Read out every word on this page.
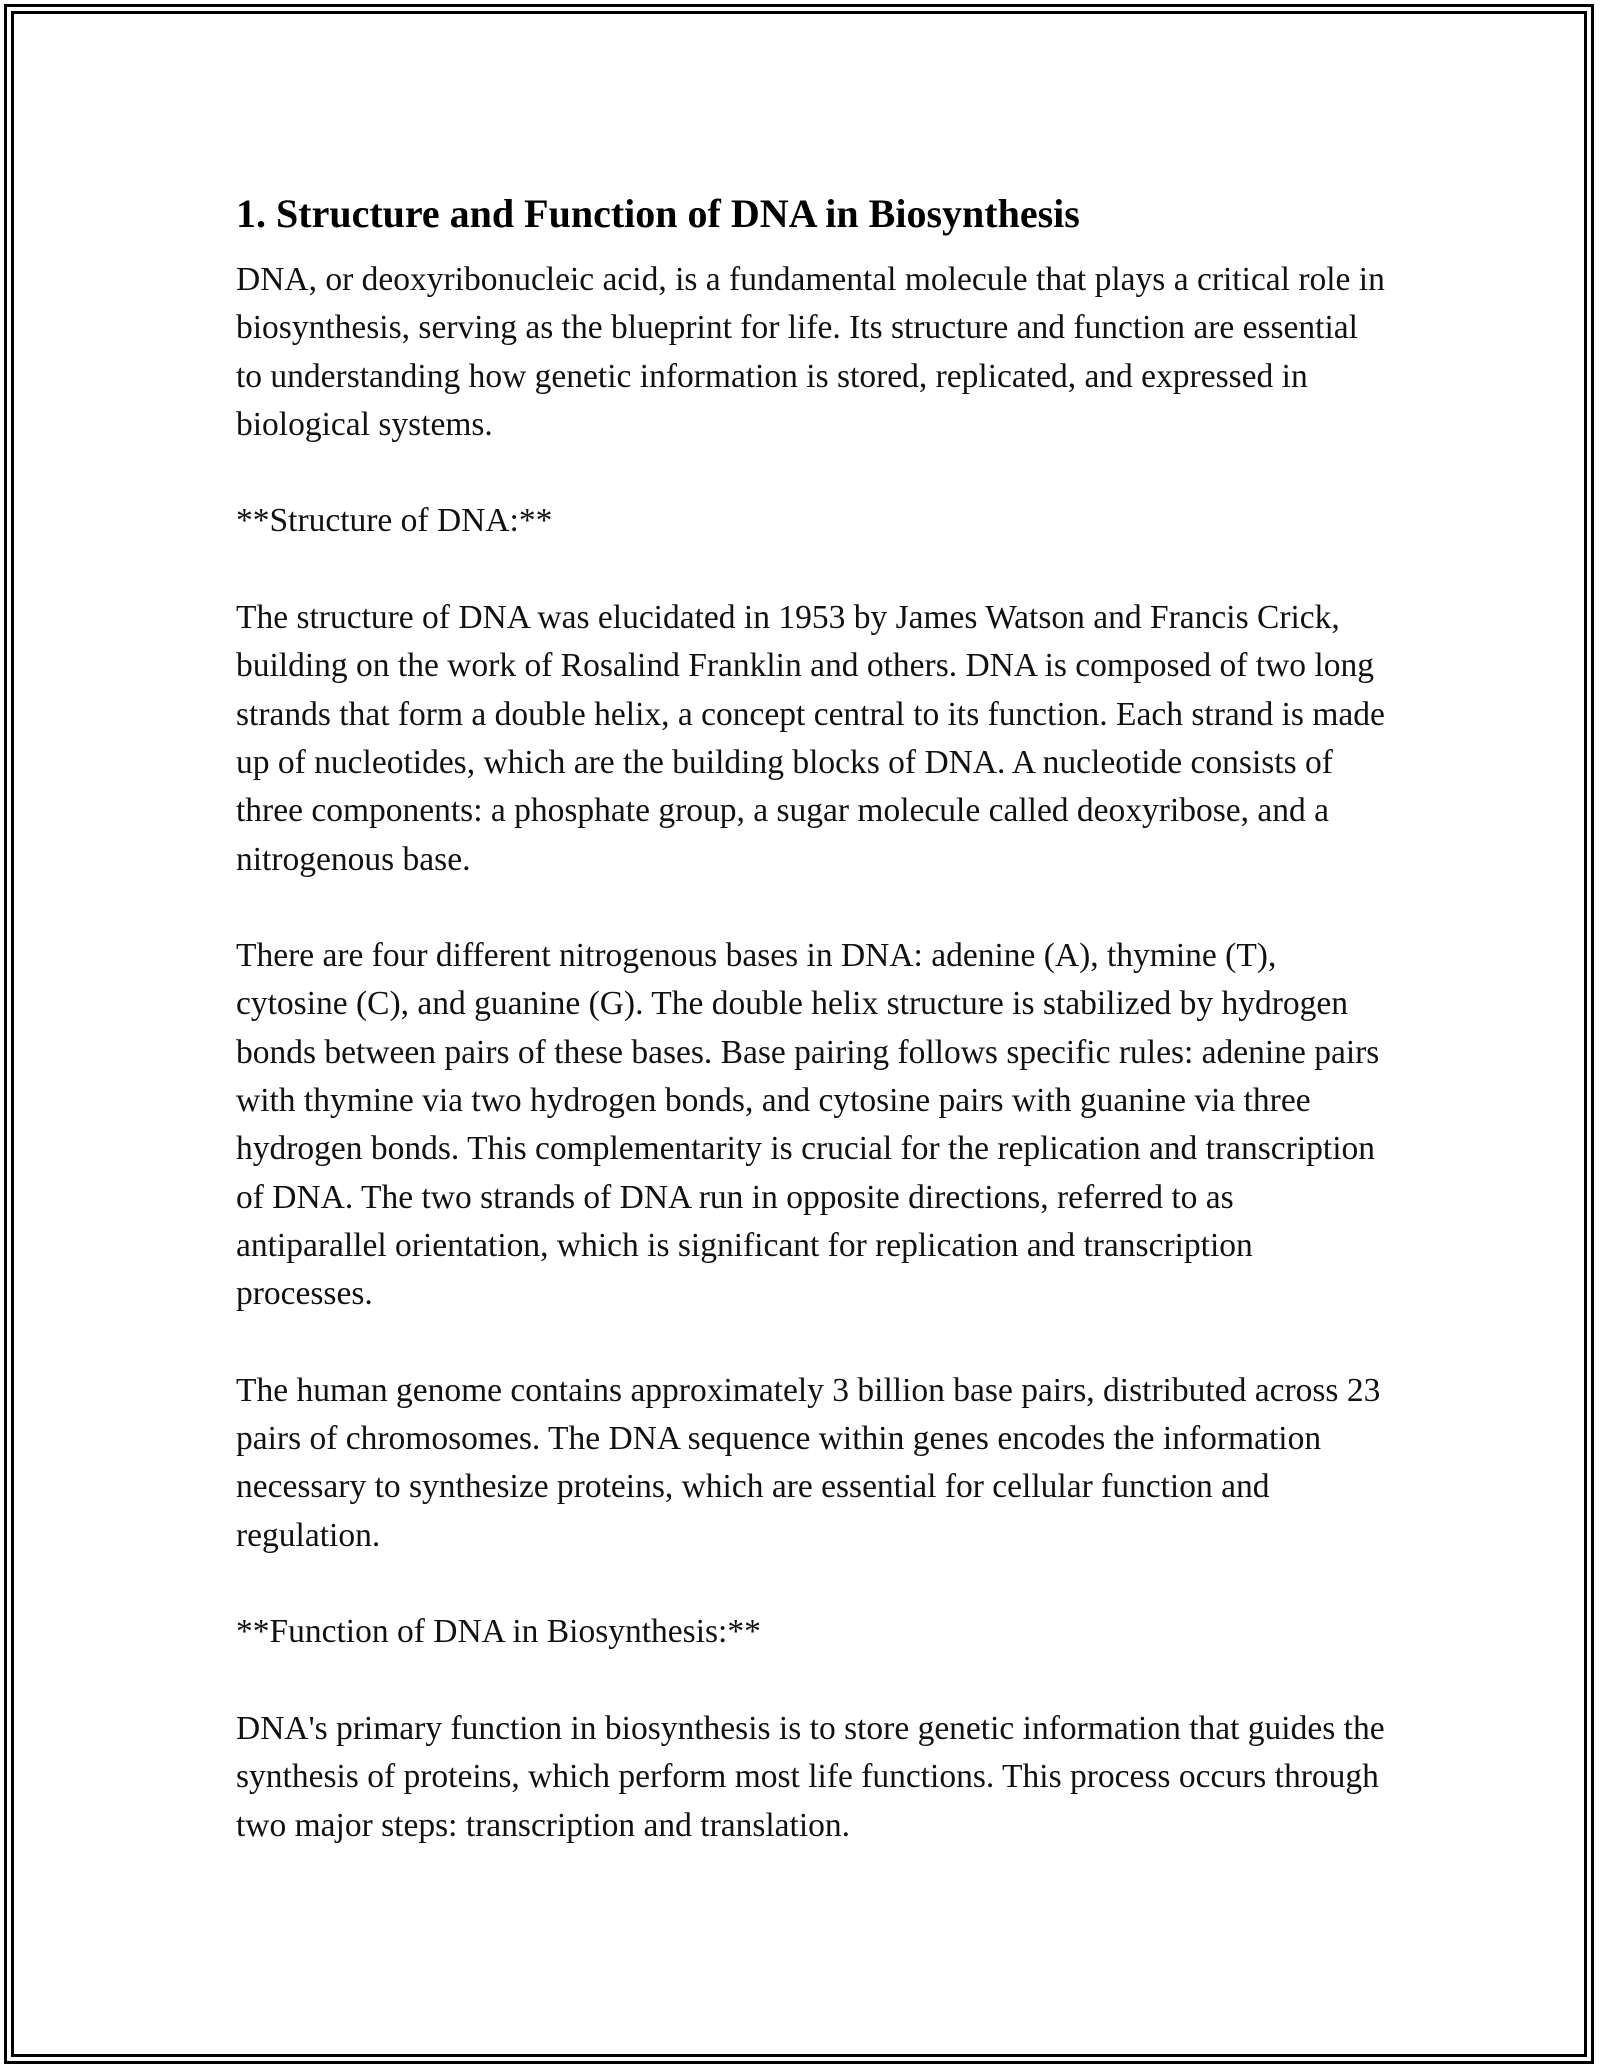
1. Structure and Function of DNA in Biosynthesis

DNA, or deoxyribonucleic acid, is a fundamental molecule that plays a critical role in biosynthesis, serving as the blueprint for life. Its structure and function are essential to understanding how genetic information is stored, replicated, and expressed in biological systems.

**Structure of DNA:**

The structure of DNA was elucidated in 1953 by James Watson and Francis Crick, building on the work of Rosalind Franklin and others. DNA is composed of two long strands that form a double helix, a concept central to its function. Each strand is made up of nucleotides, which are the building blocks of DNA. A nucleotide consists of three components: a phosphate group, a sugar molecule called deoxyribose, and a nitrogenous base.

There are four different nitrogenous bases in DNA: adenine (A), thymine (T), cytosine (C), and guanine (G). The double helix structure is stabilized by hydrogen bonds between pairs of these bases. Base pairing follows specific rules: adenine pairs with thymine via two hydrogen bonds, and cytosine pairs with guanine via three hydrogen bonds. This complementarity is crucial for the replication and transcription of DNA. The two strands of DNA run in opposite directions, referred to as antiparallel orientation, which is significant for replication and transcription processes.

The human genome contains approximately 3 billion base pairs, distributed across 23 pairs of chromosomes. The DNA sequence within genes encodes the information necessary to synthesize proteins, which are essential for cellular function and regulation.

**Function of DNA in Biosynthesis:**

DNA's primary function in biosynthesis is to store genetic information that guides the synthesis of proteins, which perform most life functions. This process occurs through two major steps: transcription and translation.
